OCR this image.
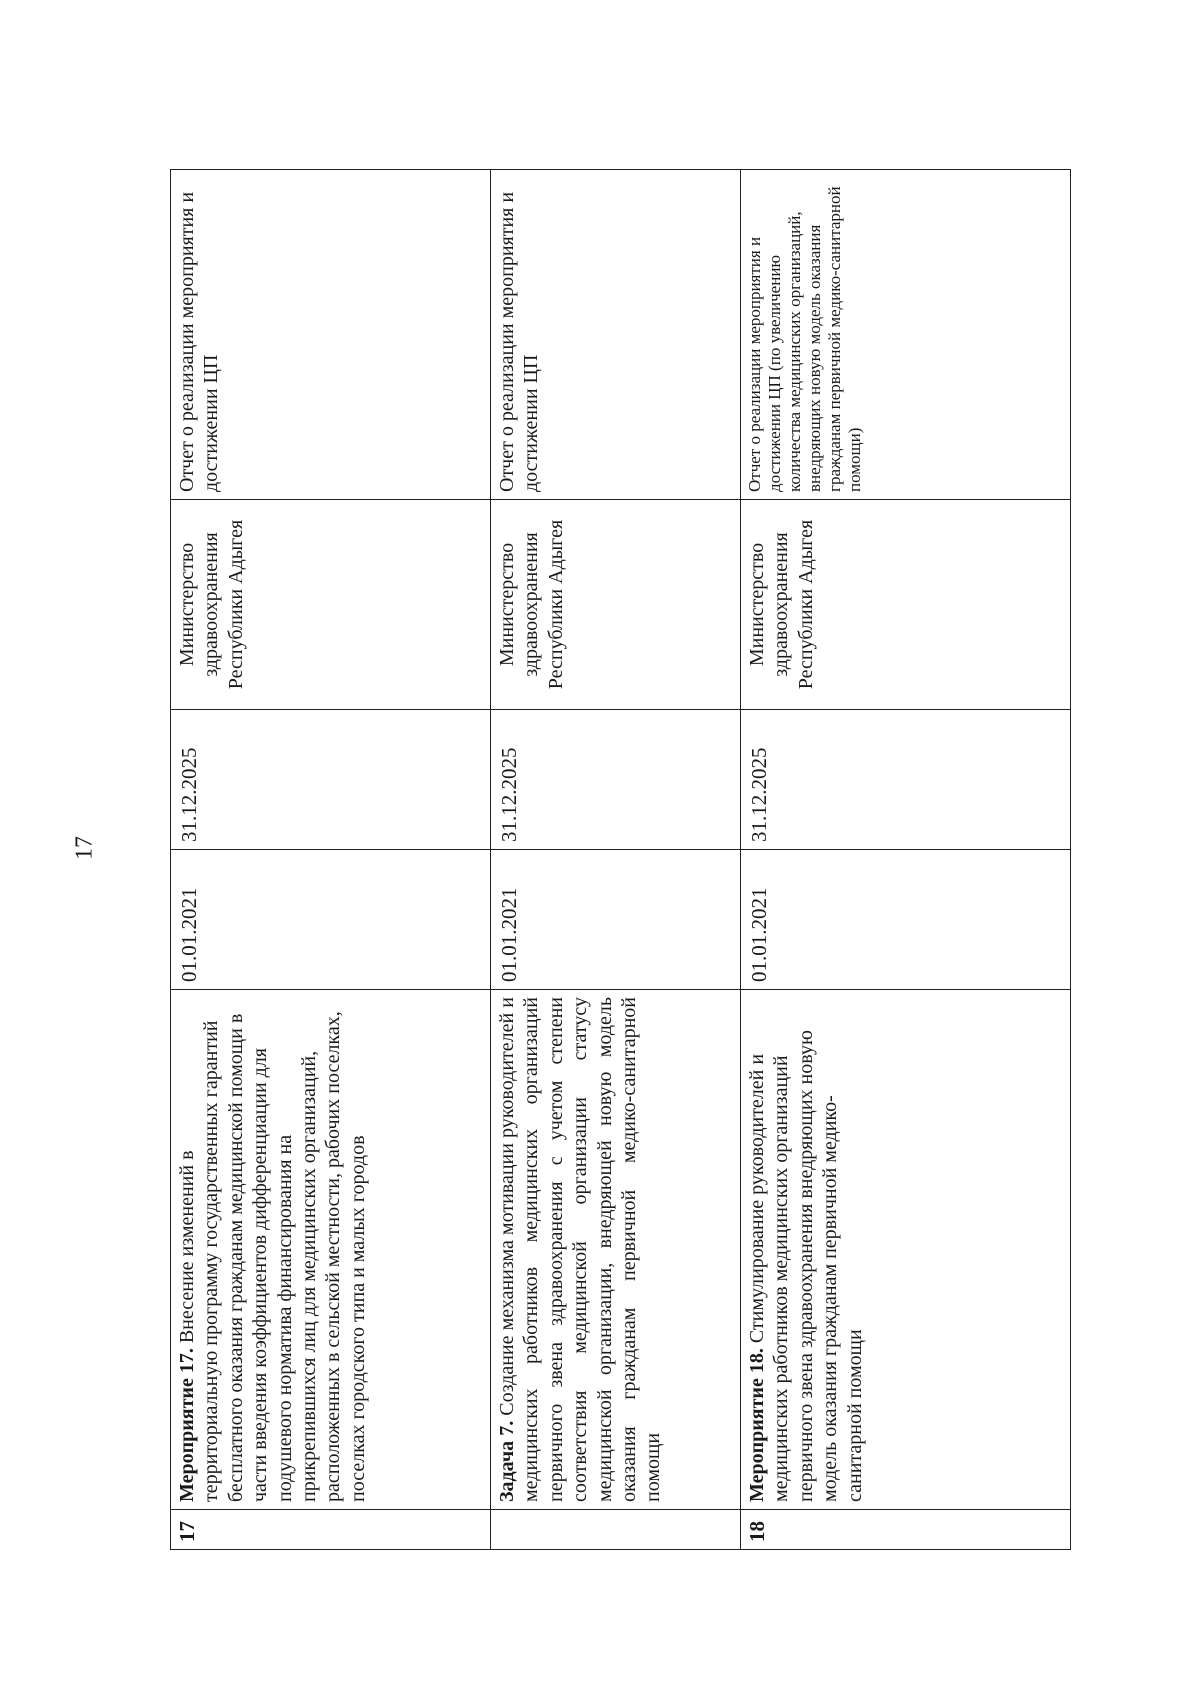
17
17	Мероприятие 17. Внесение изменений в территориальную программу государственных гарантий бесплатного оказания гражданам медицинской помощи в части введения коэффициентов дифференциации для подушевого норматива финансирования на прикрепившихся лиц для медицинских организаций, расположенных в сельской местности, рабочих поселках, поселках городского типа и малых городов	01.01.2021	31.12.2025	Министерство здравоохранения Республики Адыгея	Отчет о реализации мероприятия и достижении ЦП
	Задача 7. Создание механизма мотивации руководителей и медицинских работников медицинских организаций первичного звена здравоохранения с учетом степени соответствия медицинской организации статусу медицинской организации, внедряющей новую модель оказания гражданам первичной медико-санитарной помощи	01.01.2021	31.12.2025	Министерство здравоохранения Республики Адыгея	Отчет о реализации мероприятия и достижении ЦП
18	Мероприятие 18. Стимулирование руководителей и медицинских работников медицинских организаций первичного звена здравоохранения внедряющих новую модель оказания гражданам первичной медико-санитарной помощи	01.01.2021	31.12.2025	Министерство здравоохранения Республики Адыгея	Отчет о реализации мероприятия и достижении ЦП (по увеличению количества медицинских организаций, внедряющих новую модель оказания гражданам первичной медико-санитарной помощи)
